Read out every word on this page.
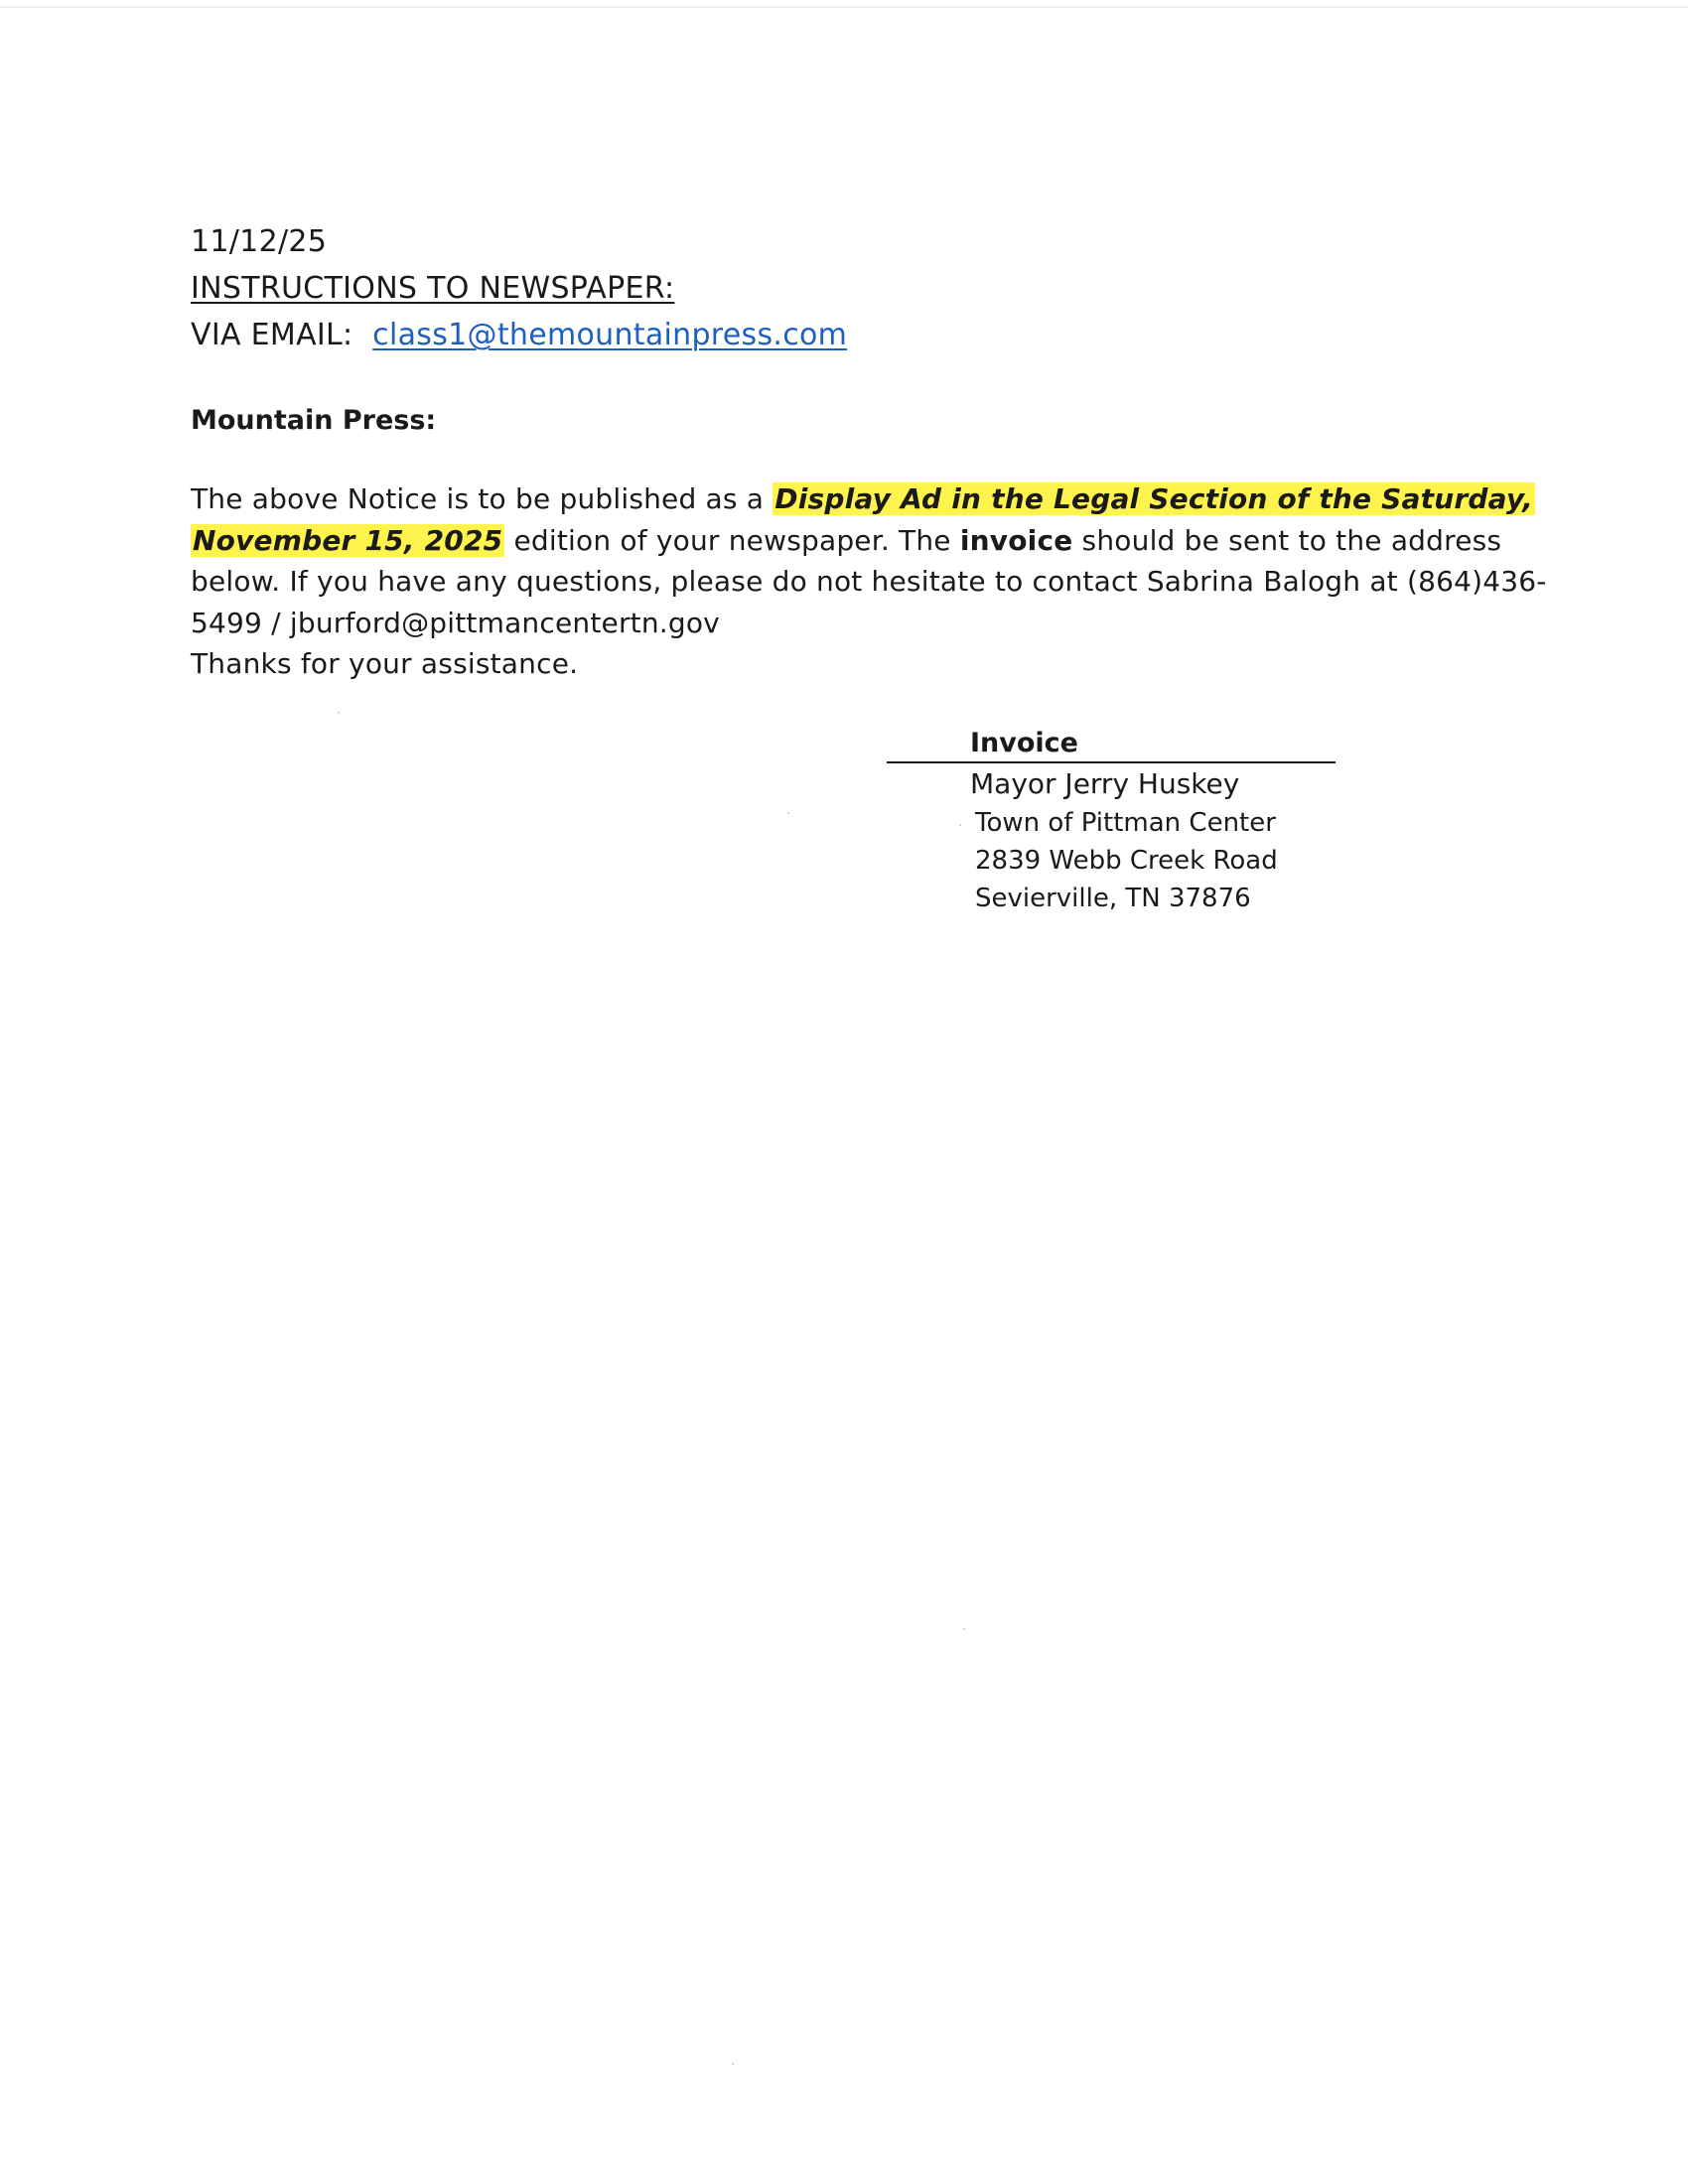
11/12/25
INSTRUCTIONS TO NEWSPAPER:
VIA EMAIL: class1@themountainpress.com
Mountain Press:
The above Notice is to be published as a Display Ad in the Legal Section of the Saturday,
November 15, 2025 edition of your newspaper. The invoice should be sent to the address
below. If you have any questions, please do not hesitate to contact Sabrina Balogh at (864)436-
5499 / jburford@pittmancentertn.gov
Thanks for your assistance.
Invoice
Mayor Jerry Huskey
Town of Pittman Center
2839 Webb Creek Road
Sevierville, TN 37876
